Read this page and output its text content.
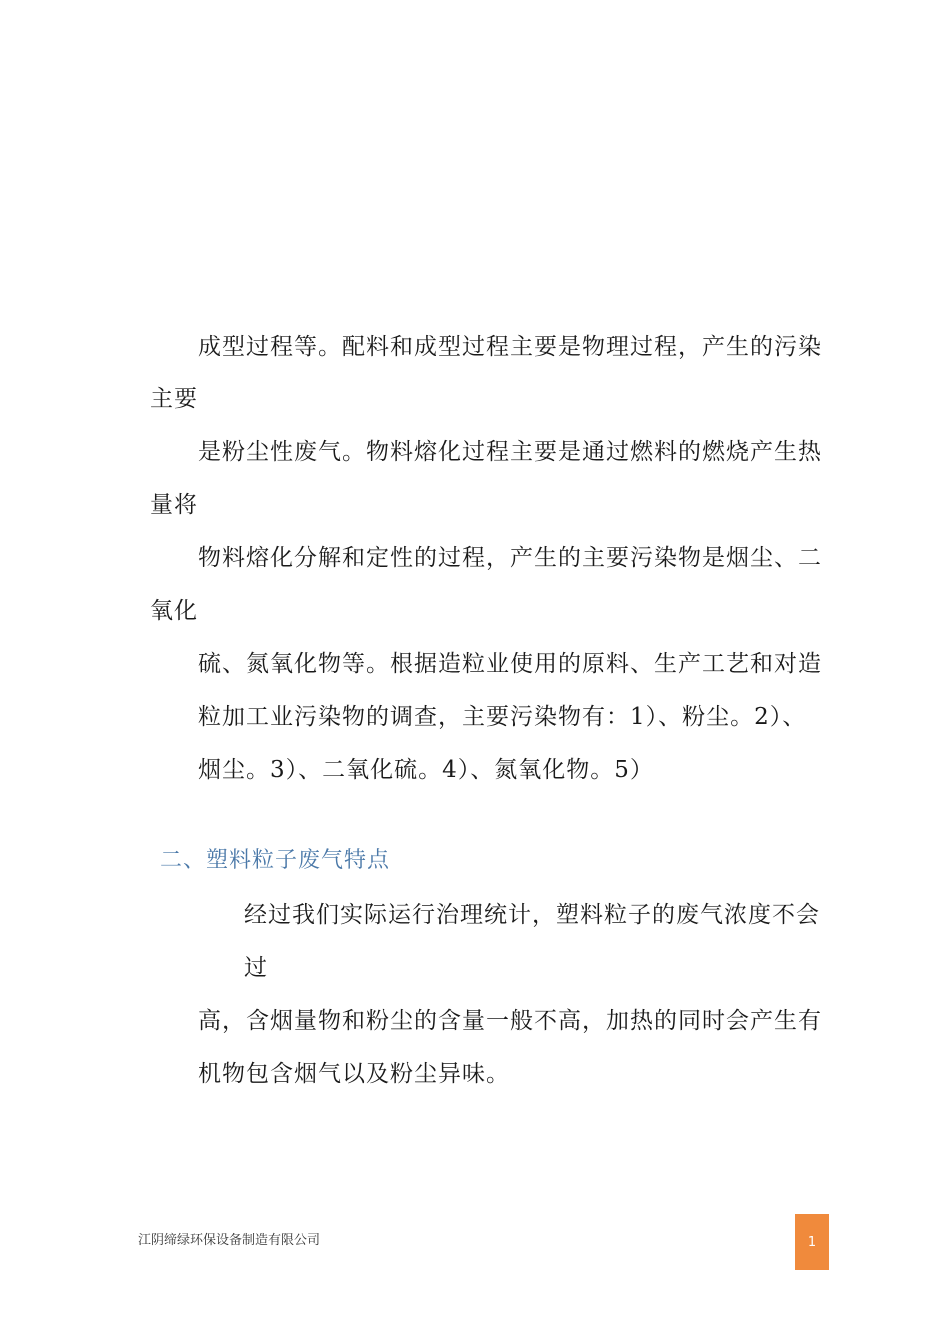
成型过程等。配料和成型过程主要是物理过程，产生的污染
主要
是粉尘性废气。物料熔化过程主要是通过燃料的燃烧产生热
量将
物料熔化分解和定性的过程，产生的主要污染物是烟尘、二
氧化
硫、氮氧化物等。根据造粒业使用的原料、生产工艺和对造
粒加工业污染物的调查，主要污染物有：1）、粉尘。2）、
烟尘。3）、二氧化硫。4）、氮氧化物。5）
二、塑料粒子废气特点
经过我们实际运行治理统计，塑料粒子的废气浓度不会
过
高，含烟量物和粉尘的含量一般不高，加热的同时会产生有
机物包含烟气以及粉尘异味。
江阴缔绿环保设备制造有限公司	1
